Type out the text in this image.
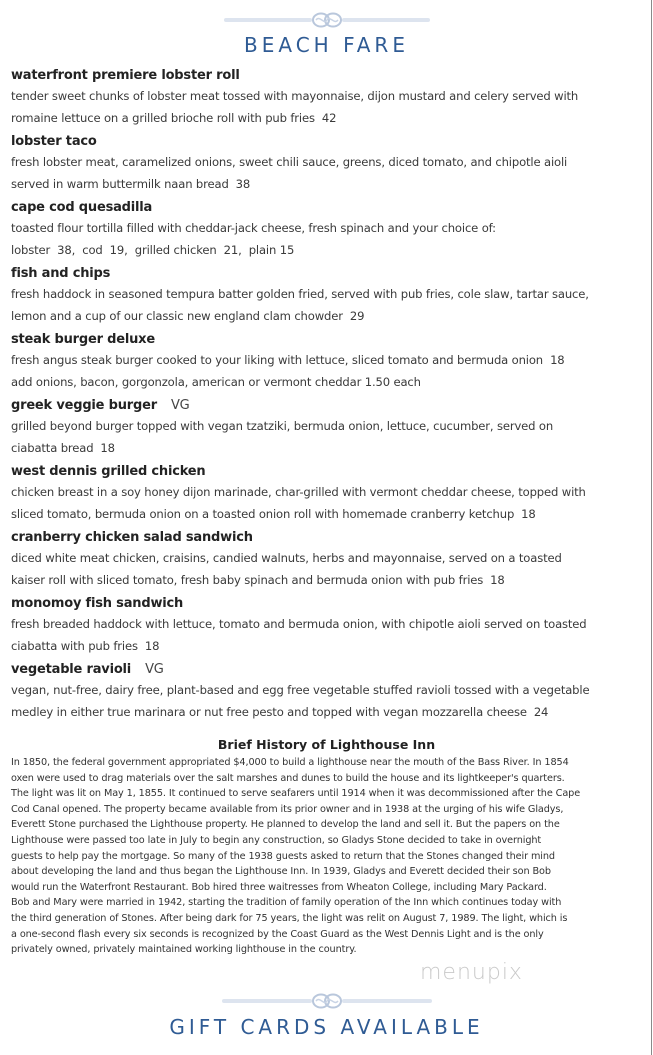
BEACH FARE
waterfront premiere lobster roll
tender sweet chunks of lobster meat tossed with mayonnaise, dijon mustard and celery served with
romaine lettuce on a grilled brioche roll with pub fries 42
lobster taco
fresh lobster meat, caramelized onions, sweet chili sauce, greens, diced tomato, and chipotle aioli
served in warm buttermilk naan bread 38
cape cod quesadilla
toasted flour tortilla filled with cheddar-jack cheese, fresh spinach and your choice of:
lobster  38,  cod  19,  grilled chicken  21,  plain 15
fish and chips
fresh haddock in seasoned tempura batter golden fried, served with pub fries, cole slaw, tartar sauce,
lemon and a cup of our classic new england clam chowder 29
steak burger deluxe
fresh angus steak burger cooked to your liking with lettuce, sliced tomato and bermuda onion  18
add onions, bacon, gorgonzola, american or vermont cheddar 1.50 each
greek veggie burger VG
grilled beyond burger topped with vegan tzatziki, bermuda onion, lettuce, cucumber, served on
ciabatta bread 18
west dennis grilled chicken
chicken breast in a soy honey dijon marinade, char-grilled with vermont cheddar cheese, topped with
sliced tomato, bermuda onion on a toasted onion roll with homemade cranberry ketchup 18
cranberry chicken salad sandwich
diced white meat chicken, craisins, candied walnuts, herbs and mayonnaise, served on a toasted
kaiser roll with sliced tomato, fresh baby spinach and bermuda onion with pub fries 18
monomoy fish sandwich
fresh breaded haddock with lettuce, tomato and bermuda onion, with chipotle aioli served on toasted
ciabatta with pub fries 18
vegetable ravioli VG
vegan, nut-free, dairy free, plant-based and egg free vegetable stuffed ravioli tossed with a vegetable
medley in either true marinara or nut free pesto and topped with vegan mozzarella cheese 24
Brief History of Lighthouse Inn
In 1850, the federal government appropriated $4,000 to build a lighthouse near the mouth of the Bass River. In 1854
oxen were used to drag materials over the salt marshes and dunes to build the house and its lightkeeper's quarters.
The light was lit on May 1, 1855. It continued to serve seafarers until 1914 when it was decommissioned after the Cape
Cod Canal opened. The property became available from its prior owner and in 1938 at the urging of his wife Gladys,
Everett Stone purchased the Lighthouse property. He planned to develop the land and sell it. But the papers on the
Lighthouse were passed too late in July to begin any construction, so Gladys Stone decided to take in overnight
guests to help pay the mortgage. So many of the 1938 guests asked to return that the Stones changed their mind
about developing the land and thus began the Lighthouse Inn. In 1939, Gladys and Everett decided their son Bob
would run the Waterfront Restaurant. Bob hired three waitresses from Wheaton College, including Mary Packard.
Bob and Mary were married in 1942, starting the tradition of family operation of the Inn which continues today with
the third generation of Stones. After being dark for 75 years, the light was relit on August 7, 1989. The light, which is
a one-second flash every six seconds is recognized by the Coast Guard as the West Dennis Light and is the only
privately owned, privately maintained working lighthouse in the country.
menupix
GIFT CARDS AVAILABLE
